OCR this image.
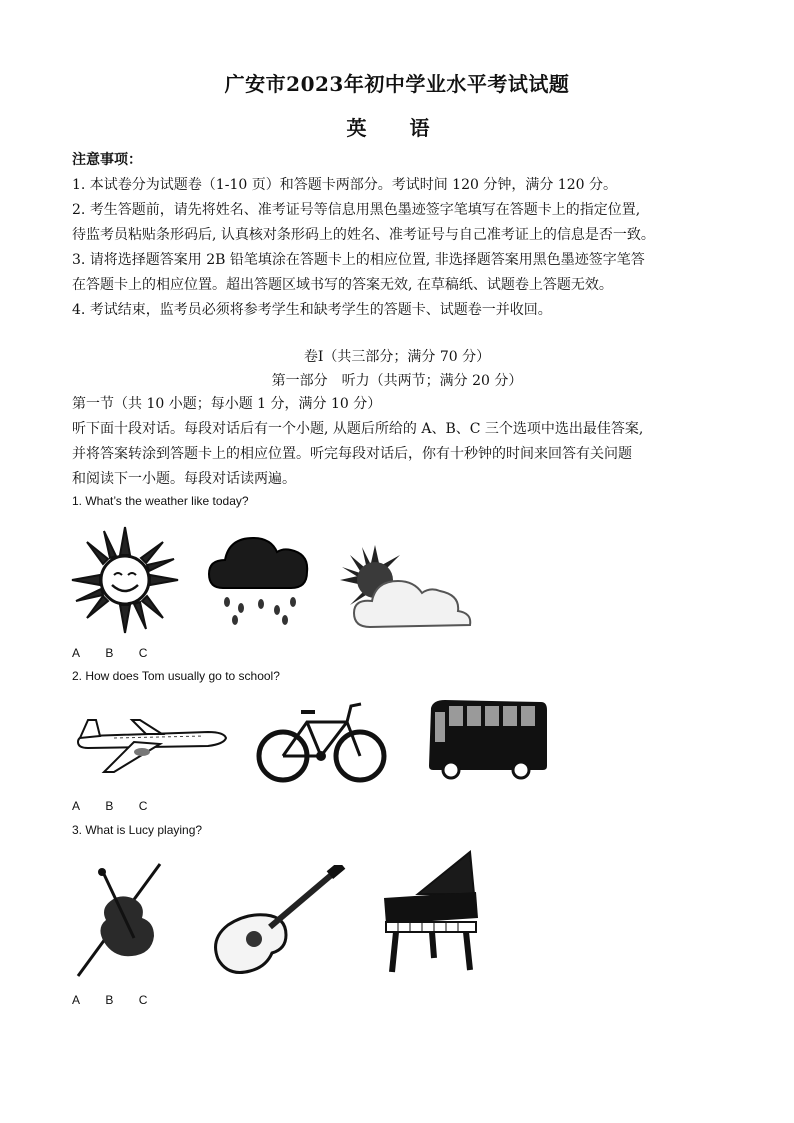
广安市2023年初中学业水平考试试题
英 语

注意事项：

1. 本试卷分为试题卷（1-10 页）和答题卡两部分。考试时间 120 分钟，满分 120 分。

2. 考生答题前，请先将姓名、准考证号等信息用黑色墨迹签字笔填写在答题卡上的指定位置,

待监考员粘贴条形码后, 认真核对条形码上的姓名、准考证号与自己准考证上的信息是否一致。

3. 请将选择题答案用 2B 铅笔填涂在答题卡上的相应位置, 非选择题答案用黑色墨迹签字笔答

在答题卡上的相应位置。超出答题区域书写的答案无效, 在草稿纸、试题卷上答题无效。

4. 考试结束，监考员必须将参考学生和缺考学生的答题卡、试题卷一并收回。

卷Ⅰ（共三部分；满分 70 分）
第一部分　听力（共两节；满分 20 分）

第一节（共 10 小题；每小题 1 分，满分 10 分）

听下面十段对话。每段对话后有一个小题, 从题后所给的 A、B、C 三个选项中选出最佳答案,

并将答案转涂到答题卡上的相应位置。听完每段对话后，你有十秒钟的时间来回答有关问题

和阅读下一小题。每段对话读两遍。

1. What’s the weather like today?
A B C
2. How does Tom usually go to school?
A B C
3. What is Lucy playing?
A B C
